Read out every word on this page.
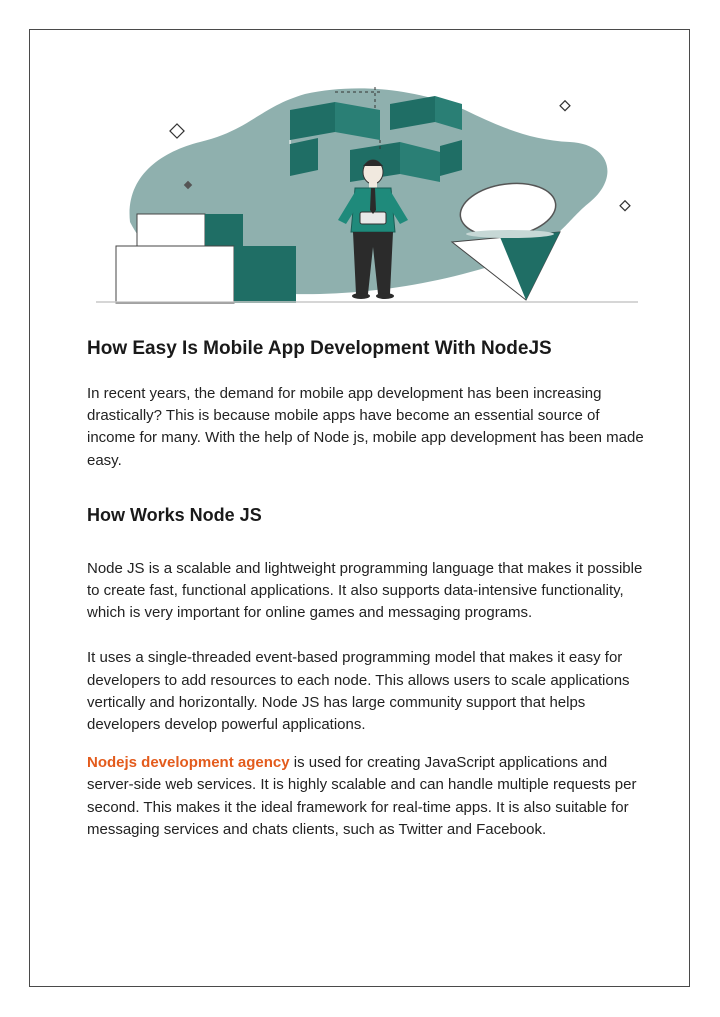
How Easy Is Mobile App Development With NodeJS

In recent years, the demand for mobile app development has been increasing drastically? This is because mobile apps have become an essential source of income for many. With the help of Node js, mobile app development has been made easy.

How Works Node JS

Node JS is a scalable and lightweight programming language that makes it possible to create fast, functional applications. It also supports data-intensive functionality, which is very important for online games and messaging programs.

It uses a single-threaded event-based programming model that makes it easy for developers to add resources to each node. This allows users to scale applications vertically and horizontally. Node JS has large community support that helps developers develop powerful applications.

Nodejs development agency is used for creating JavaScript applications and server-side web services. It is highly scalable and can handle multiple requests per second. This makes it the ideal framework for real-time apps. It is also suitable for messaging services and chats clients, such as Twitter and Facebook.
